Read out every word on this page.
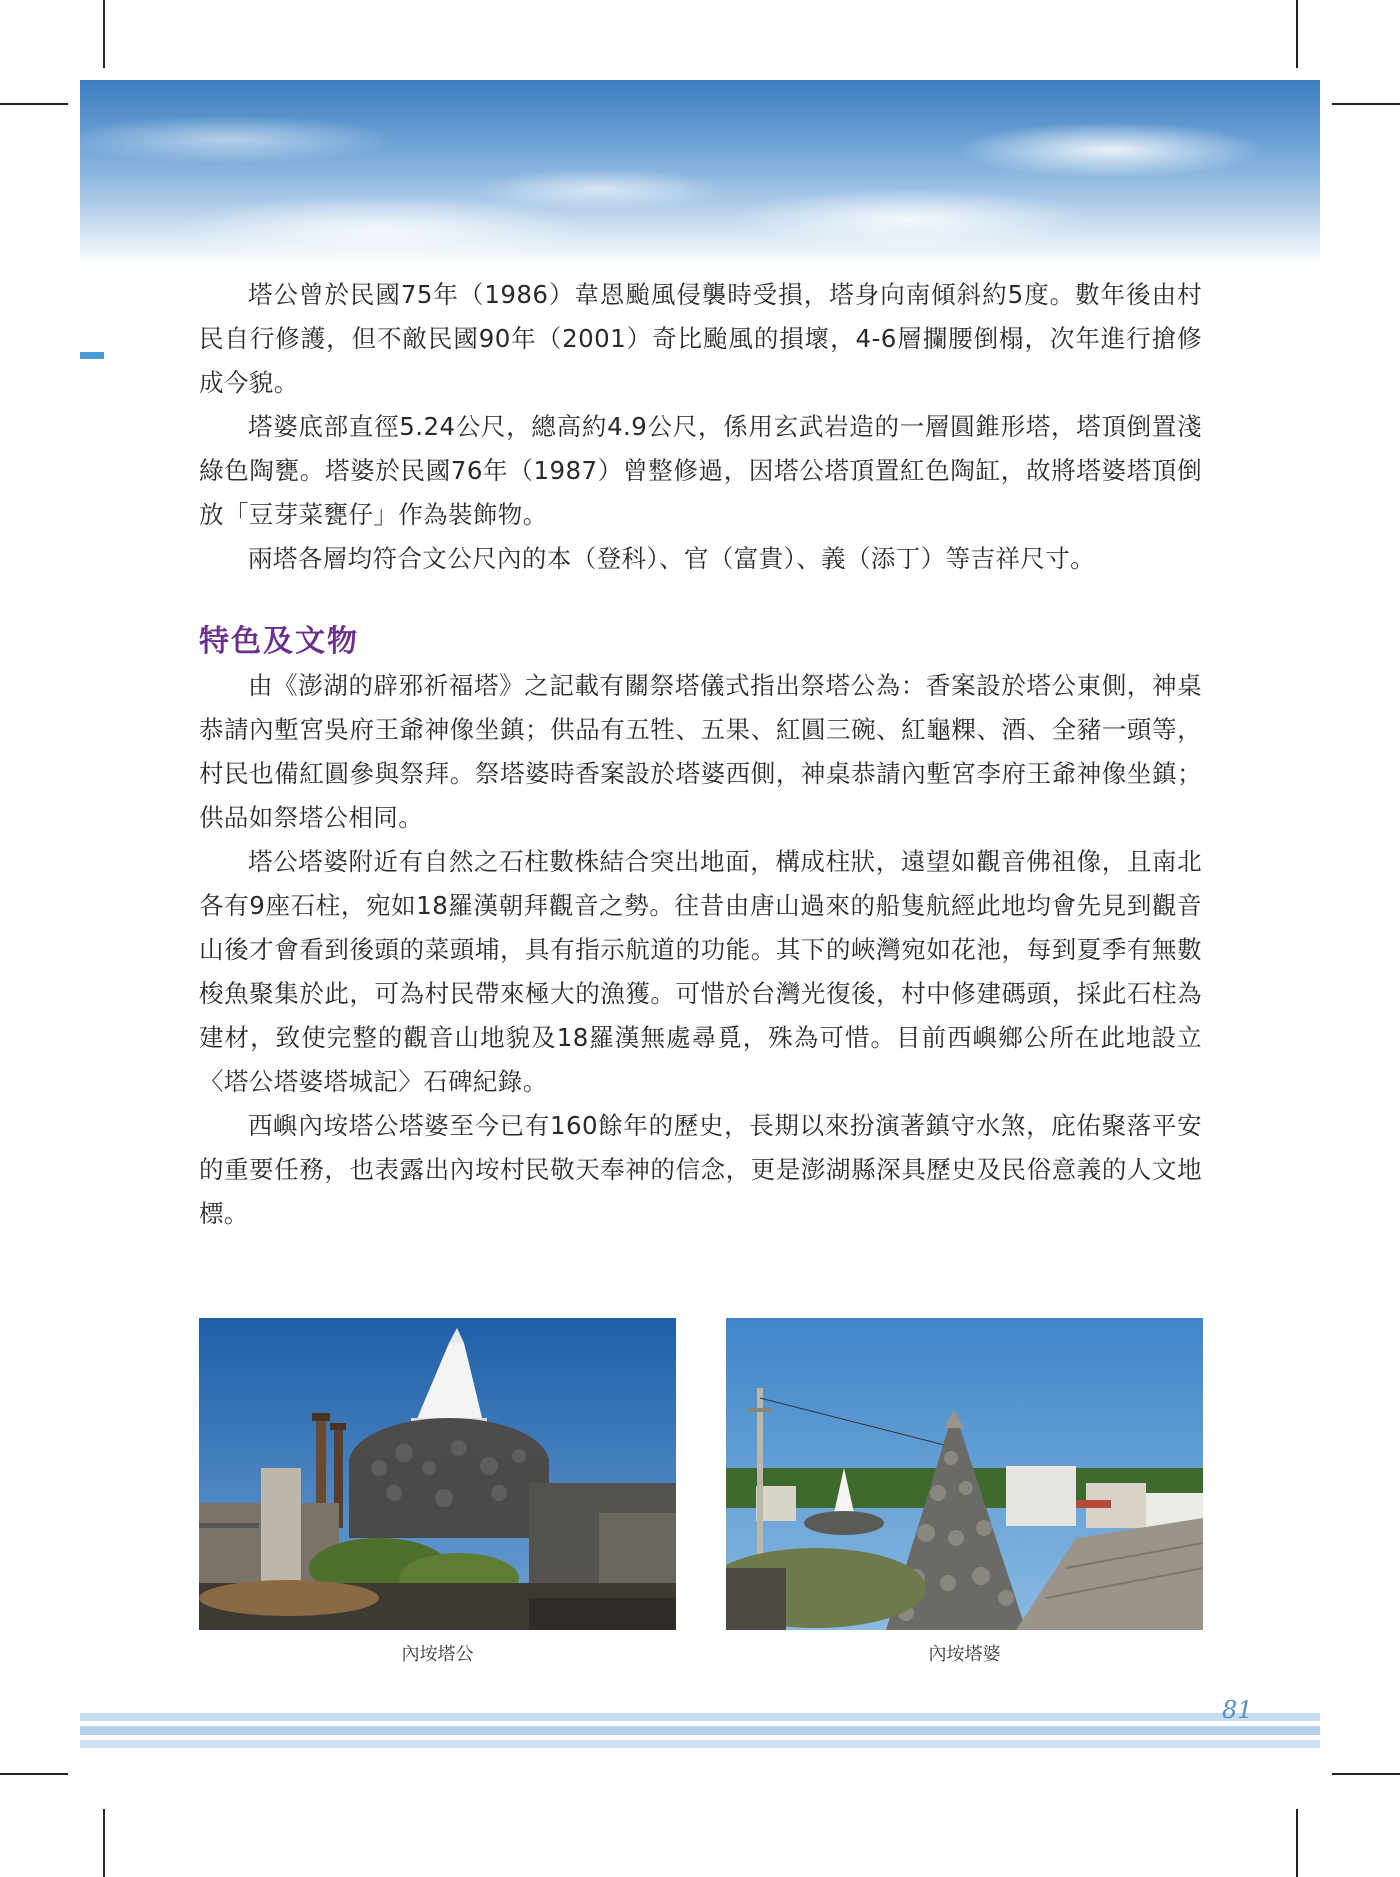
塔公曾於民國75年（1986）韋恩颱風侵襲時受損，塔身向南傾斜約5度。數年後由村民自行修護，但不敵民國90年（2001）奇比颱風的損壞，4-6層攔腰倒榻，次年進行搶修成今貌。

塔婆底部直徑5.24公尺，總高約4.9公尺，係用玄武岩造的一層圓錐形塔，塔頂倒置淺綠色陶甕。塔婆於民國76年（1987）曾整修過，因塔公塔頂置紅色陶缸，故將塔婆塔頂倒放「豆芽菜甕仔」作為裝飾物。

兩塔各層均符合文公尺內的本（登科）、官（富貴）、義（添丁）等吉祥尺寸。

特色及文物

由《澎湖的辟邪祈福塔》之記載有關祭塔儀式指出祭塔公為：香案設於塔公東側，神桌恭請內塹宮吳府王爺神像坐鎮；供品有五牲、五果、紅圓三碗、紅龜粿、酒、全豬一頭等，村民也備紅圓參與祭拜。祭塔婆時香案設於塔婆西側，神桌恭請內塹宮李府王爺神像坐鎮；供品如祭塔公相同。

塔公塔婆附近有自然之石柱數株結合突出地面，構成柱狀，遠望如觀音佛祖像，且南北各有9座石柱，宛如18羅漢朝拜觀音之勢。往昔由唐山過來的船隻航經此地均會先見到觀音山後才會看到後頭的菜頭埔，具有指示航道的功能。其下的峽灣宛如花池，每到夏季有無數梭魚聚集於此，可為村民帶來極大的漁獲。可惜於台灣光復後，村中修建碼頭，採此石柱為建材，致使完整的觀音山地貌及18羅漢無處尋覓，殊為可惜。目前西嶼鄉公所在此地設立〈塔公塔婆塔城記〉石碑紀錄。

西嶼內垵塔公塔婆至今已有160餘年的歷史，長期以來扮演著鎮守水煞，庇佑聚落平安的重要任務，也表露出內垵村民敬天奉神的信念，更是澎湖縣深具歷史及民俗意義的人文地標。

內垵塔公	內垵塔婆
81
